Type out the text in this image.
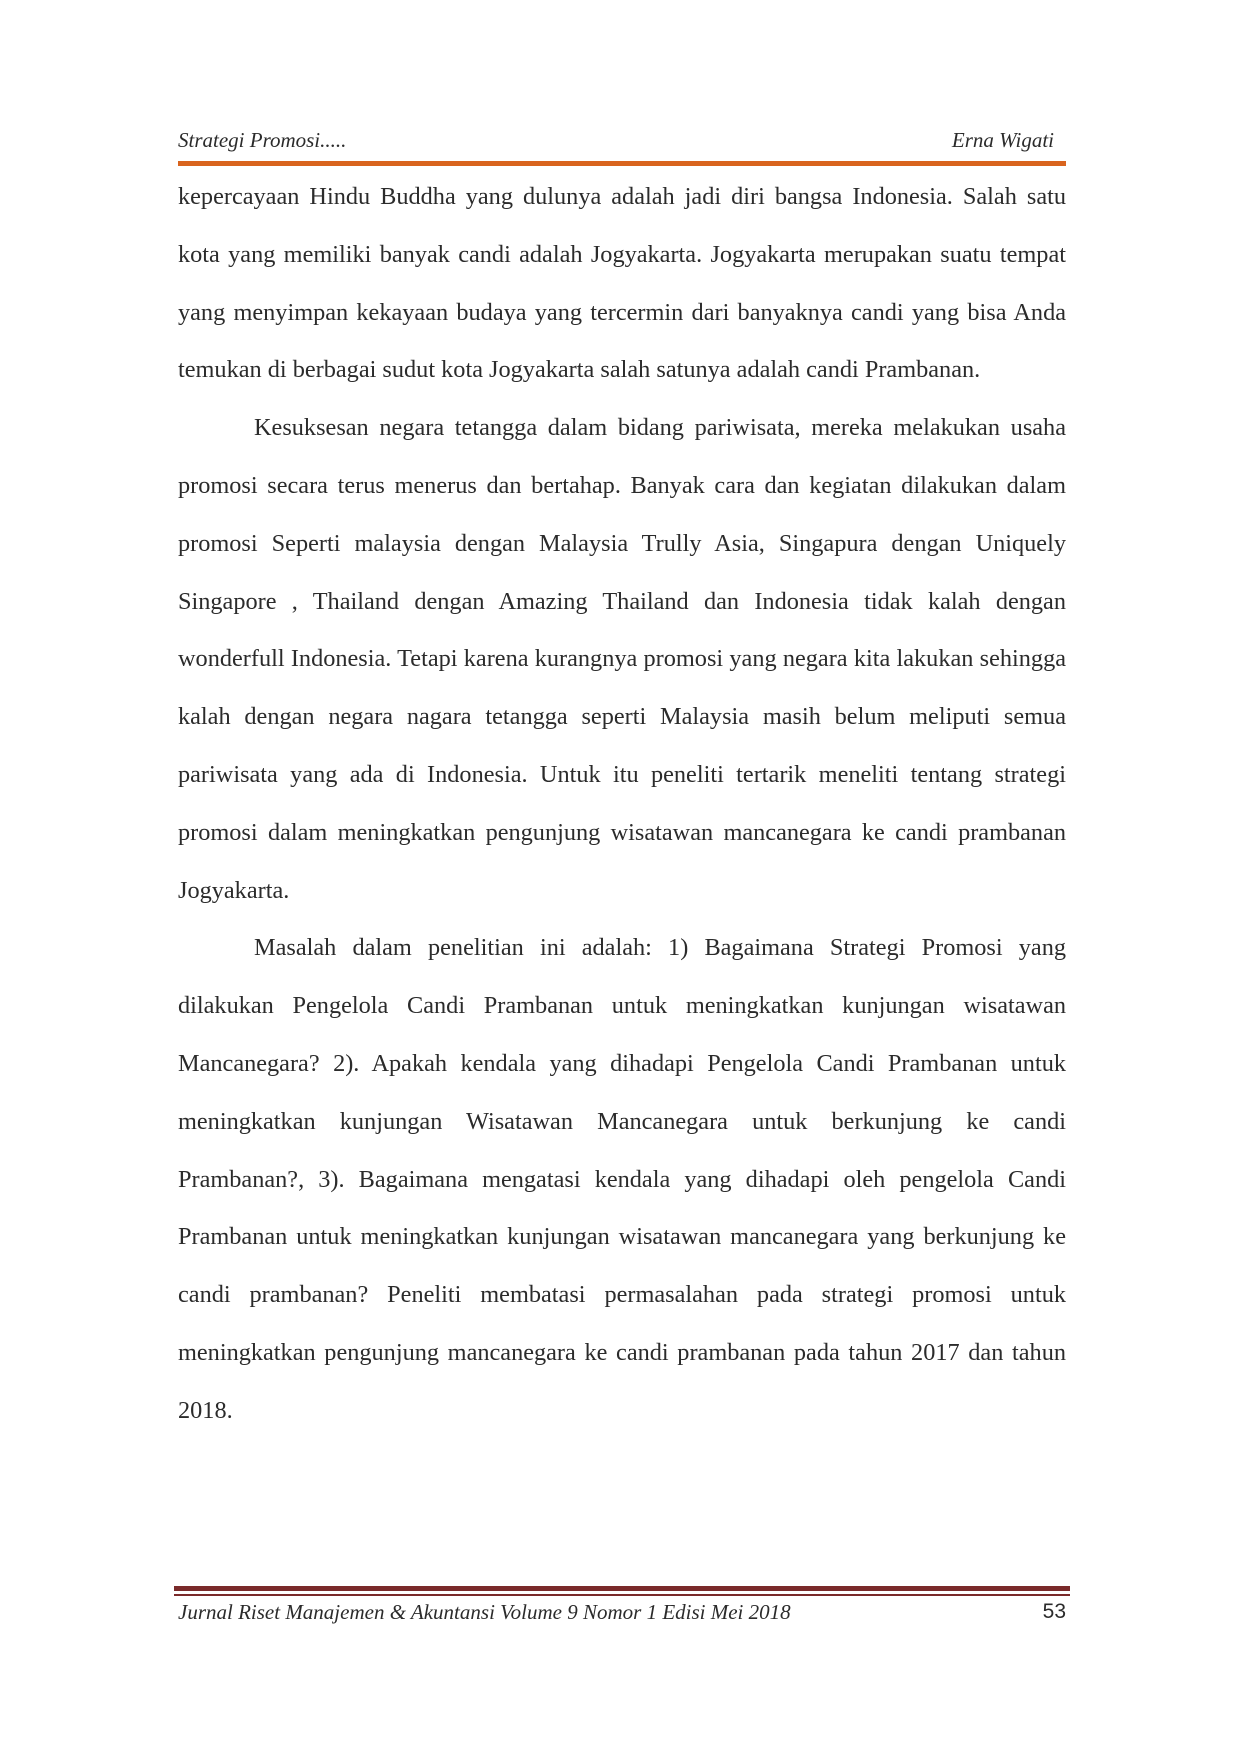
Strategi Promosi.....	Erna Wigati

kepercayaan Hindu Buddha yang dulunya adalah jadi diri bangsa Indonesia. Salah satu kota yang memiliki banyak candi adalah Jogyakarta. Jogyakarta merupakan suatu tempat yang menyimpan kekayaan budaya yang tercermin dari banyaknya candi yang bisa Anda temukan di berbagai sudut kota Jogyakarta salah satunya adalah candi Prambanan.

Kesuksesan negara tetangga dalam bidang pariwisata, mereka melakukan usaha promosi secara terus menerus dan bertahap. Banyak cara dan kegiatan dilakukan dalam promosi Seperti malaysia dengan Malaysia Trully Asia, Singapura dengan Uniquely Singapore , Thailand dengan Amazing Thailand dan Indonesia tidak kalah dengan wonderfull Indonesia. Tetapi karena kurangnya promosi yang negara kita lakukan sehingga kalah dengan negara nagara tetangga seperti Malaysia masih belum meliputi semua pariwisata yang ada di Indonesia. Untuk itu peneliti tertarik meneliti tentang strategi promosi dalam meningkatkan pengunjung wisatawan mancanegara ke candi prambanan Jogyakarta.

Masalah dalam penelitian ini adalah: 1) Bagaimana Strategi Promosi yang dilakukan Pengelola Candi Prambanan untuk meningkatkan kunjungan wisatawan Mancanegara? 2). Apakah kendala yang dihadapi Pengelola Candi Prambanan untuk meningkatkan kunjungan Wisatawan Mancanegara untuk berkunjung ke candi Prambanan?, 3). Bagaimana mengatasi kendala yang dihadapi oleh pengelola Candi Prambanan untuk meningkatkan kunjungan wisatawan mancanegara yang berkunjung ke candi prambanan? Peneliti membatasi permasalahan pada strategi promosi untuk meningkatkan pengunjung mancanegara ke candi prambanan pada tahun 2017 dan tahun 2018.

Jurnal Riset Manajemen & Akuntansi Volume 9 Nomor 1 Edisi Mei 2018	53
